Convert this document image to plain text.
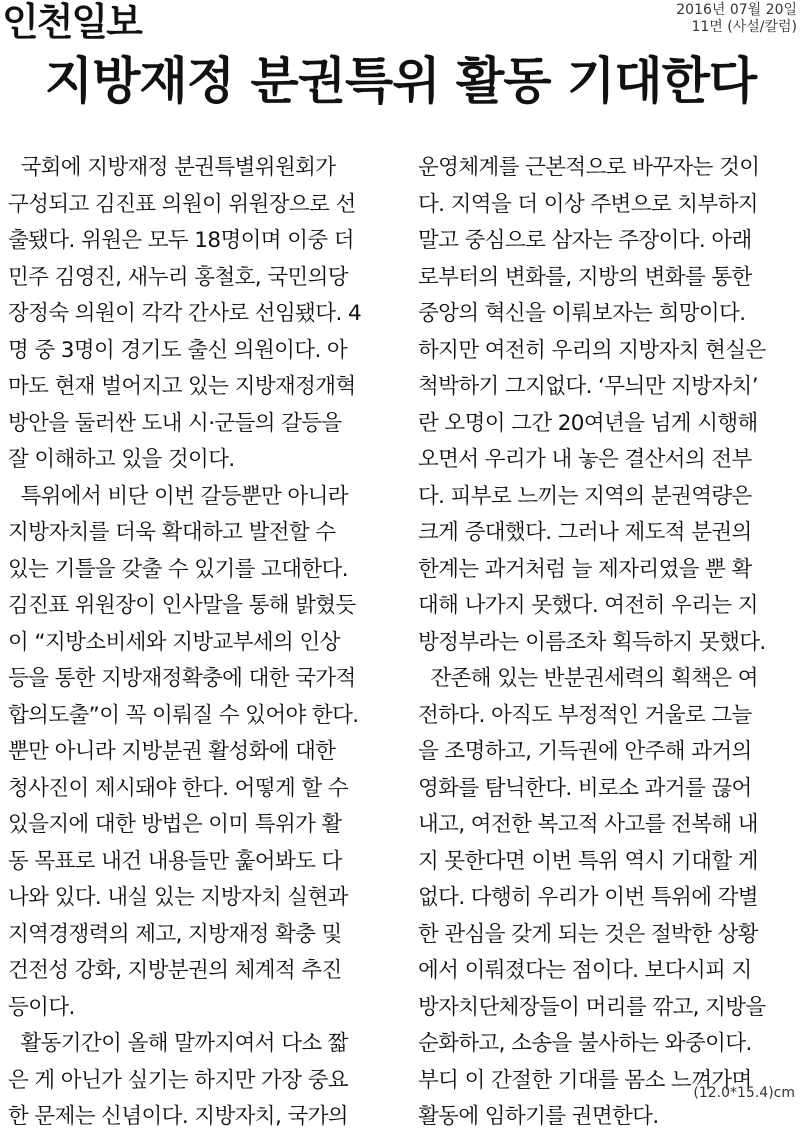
인천일보	2016년 07월 20일
11면 (사설/칼럼)
지방재정 분권특위 활동 기대한다
국회에 지방재정 분권특별위원회가
구성되고 김진표 의원이 위원장으로 선
출됐다. 위원은 모두 18명이며 이중 더
민주 김영진, 새누리 홍철호, 국민의당
장정숙 의원이 각각 간사로 선임됐다. 4
명 중 3명이 경기도 출신 의원이다. 아
마도 현재 벌어지고 있는 지방재정개혁
방안을 둘러싼 도내 시·군들의 갈등을
잘 이해하고 있을 것이다.
특위에서 비단 이번 갈등뿐만 아니라
지방자치를 더욱 확대하고 발전할 수
있는 기틀을 갖출 수 있기를 고대한다.
김진표 위원장이 인사말을 통해 밝혔듯
이 “지방소비세와 지방교부세의 인상
등을 통한 지방재정확충에 대한 국가적
합의도출”이 꼭 이뤄질 수 있어야 한다.
뿐만 아니라 지방분권 활성화에 대한
청사진이 제시돼야 한다. 어떻게 할 수
있을지에 대한 방법은 이미 특위가 활
동 목표로 내건 내용들만 훑어봐도 다
나와 있다. 내실 있는 지방자치 실현과
지역경쟁력의 제고, 지방재정 확충 및
건전성 강화, 지방분권의 체계적 추진
등이다.
활동기간이 올해 말까지여서 다소 짧
은 게 아닌가 싶기는 하지만 가장 중요
한 문제는 신념이다. 지방자치, 국가의
운영체계를 근본적으로 바꾸자는 것이
다. 지역을 더 이상 주변으로 치부하지
말고 중심으로 삼자는 주장이다. 아래
로부터의 변화를, 지방의 변화를 통한
중앙의 혁신을 이뤄보자는 희망이다.
하지만 여전히 우리의 지방자치 현실은
척박하기 그지없다. ‘무늬만 지방자치’
란 오명이 그간 20여년을 넘게 시행해
오면서 우리가 내 놓은 결산서의 전부
다. 피부로 느끼는 지역의 분권역량은
크게 증대했다. 그러나 제도적 분권의
한계는 과거처럼 늘 제자리였을 뿐 확
대해 나가지 못했다. 여전히 우리는 지
방정부라는 이름조차 획득하지 못했다.
잔존해 있는 반분권세력의 획책은 여
전하다. 아직도 부정적인 거울로 그늘
을 조명하고, 기득권에 안주해 과거의
영화를 탐닉한다. 비로소 과거를 끊어
내고, 여전한 복고적 사고를 전복해 내
지 못한다면 이번 특위 역시 기대할 게
없다. 다행히 우리가 이번 특위에 각별
한 관심을 갖게 되는 것은 절박한 상황
에서 이뤄졌다는 점이다. 보다시피 지
방자치단체장들이 머리를 깎고, 지방을
순화하고, 소송을 불사하는 와중이다.
부디 이 간절한 기대를 몸소 느껴가며
활동에 임하기를 권면한다.
(12.0*15.4)cm
